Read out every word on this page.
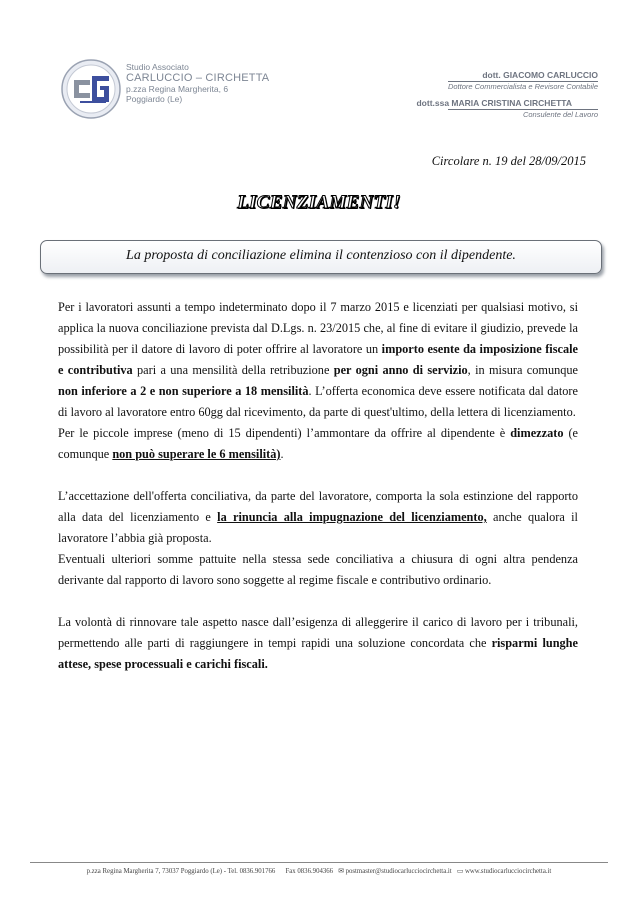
Studio Associato
CARLUCCIO – CIRCHETTA
p.zza Regina Margherita, 6
Poggiardo (Le)
dott. GIACOMO CARLUCCIO
Dottore Commercialista e Revisore Contabile
dott.ssa MARIA CRISTINA CIRCHETTA
Consulente del Lavoro
Circolare n. 19 del 28/09/2015
LICENZIAMENTI!
La proposta di conciliazione elimina il contenzioso con il dipendente.

Per i lavoratori assunti a tempo indeterminato dopo il 7 marzo 2015 e licenziati per qualsiasi motivo, si applica la nuova conciliazione prevista dal D.Lgs. n. 23/2015 che, al fine di evitare il giudizio, prevede la possibilità per il datore di lavoro di poter offrire al lavoratore un importo esente da imposizione fiscale e contributiva pari a una mensilità della retribuzione per ogni anno di servizio, in misura comunque non inferiore a 2 e non superiore a 18 mensilità. L’offerta economica deve essere notificata dal datore di lavoro al lavoratore entro 60gg dal ricevimento, da parte di quest'ultimo, della lettera di licenziamento.

Per le piccole imprese (meno di 15 dipendenti) l’ammontare da offrire al dipendente è dimezzato (e comunque non può superare le 6 mensilità).

L’accettazione dell'offerta conciliativa, da parte del lavoratore, comporta la sola estinzione del rapporto alla data del licenziamento e la rinuncia alla impugnazione del licenziamento, anche qualora il lavoratore l’abbia già proposta.

Eventuali ulteriori somme pattuite nella stessa sede conciliativa a chiusura di ogni altra pendenza derivante dal rapporto di lavoro sono soggette al regime fiscale e contributivo ordinario.

La volontà di rinnovare tale aspetto nasce dall’esigenza di alleggerire il carico di lavoro per i tribunali, permettendo alle parti di raggiungere in tempi rapidi una soluzione concordata che risparmi lunghe attese, spese processuali e carichi fiscali.

p.zza Regina Margherita 7, 73037 Poggiardo (Le) - Tel. 0836.901766 Fax 0836.904366 ✉ postmaster@studiocarlucciocirchetta.it ▭ www.studiocarlucciocirchetta.it
